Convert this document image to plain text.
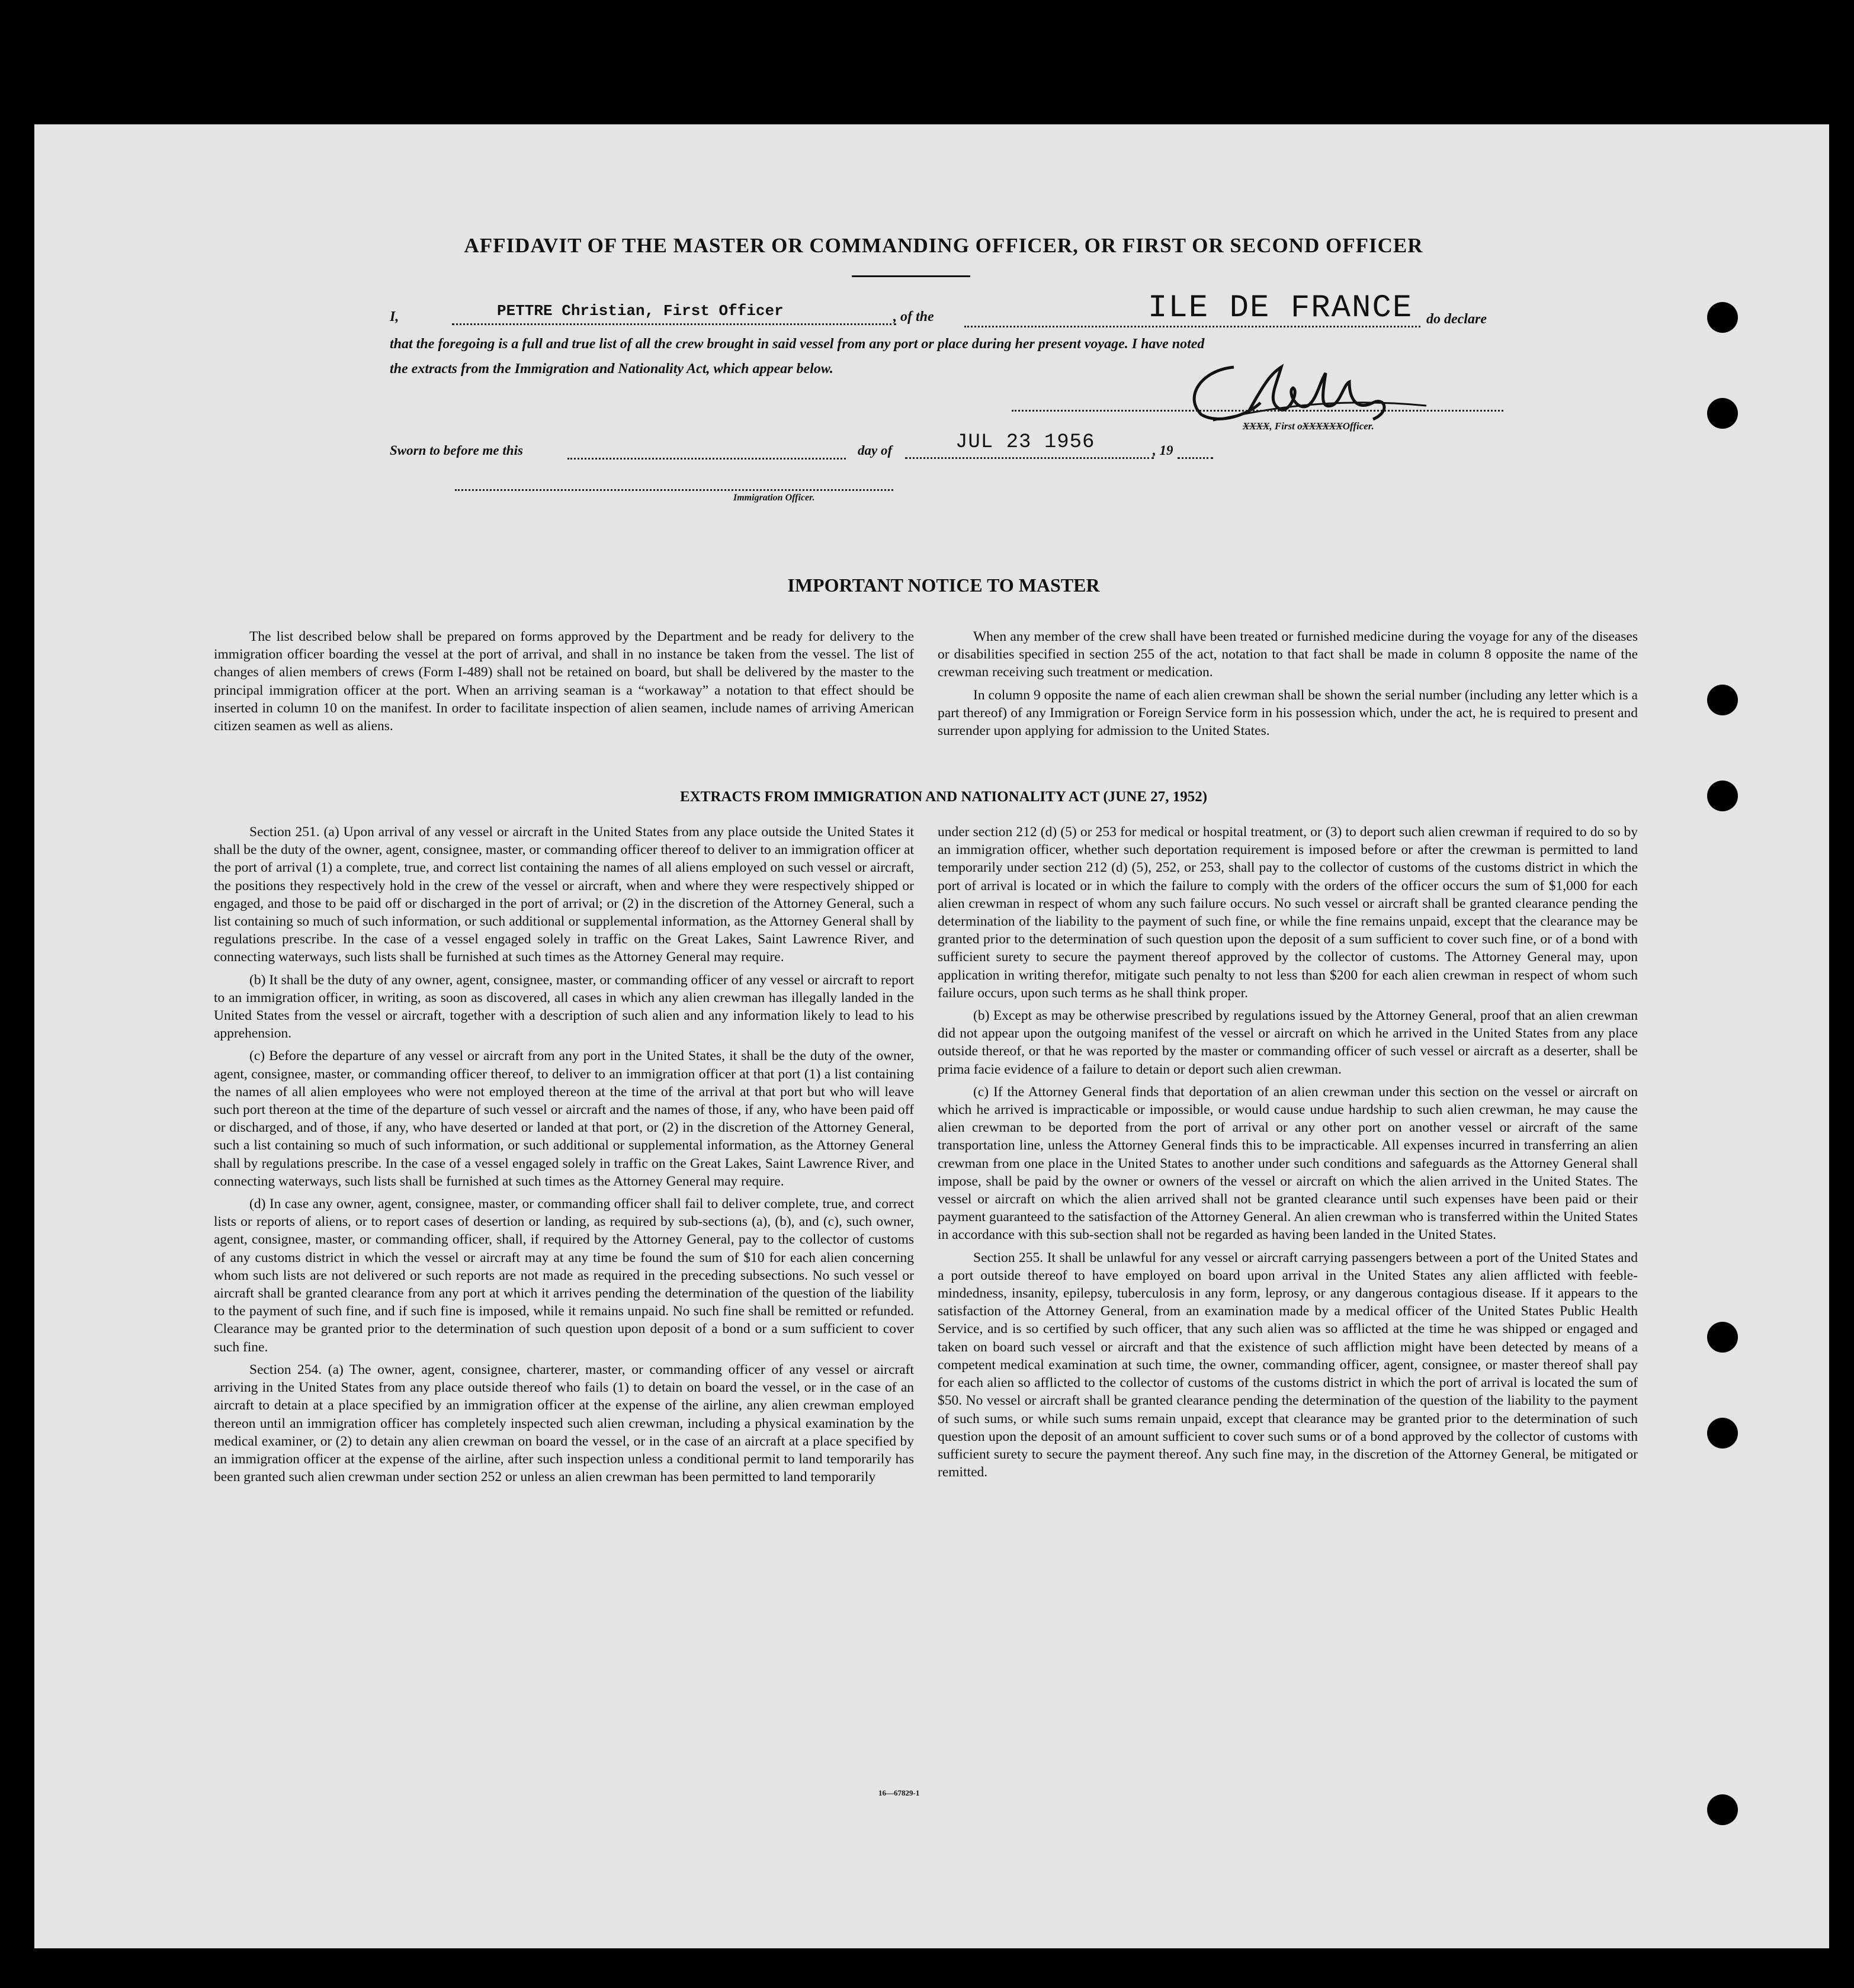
AFFIDAVIT OF THE MASTER OR COMMANDING OFFICER, OR FIRST OR SECOND OFFICER
I,	PETTRE Christian, First Officer	, of the	ILE DE FRANCE do declare
that the foregoing is a full and true list of all the crew brought in said vessel from any port or place during her present voyage. I have noted
the extracts from the Immigration and Nationality Act, which appear below.
XXXX, First oXXXXXXOfficer.
Sworn to before me this	day of	JUL 23 1956	, 19
Immigration Officer.
IMPORTANT NOTICE TO MASTER

The list described below shall be prepared on forms approved by the Department and be ready for delivery to the immigration officer boarding the vessel at the port of arrival, and shall in no instance be taken from the vessel. The list of changes of alien members of crews (Form I-489) shall not be retained on board, but shall be delivered by the master to the principal immigration officer at the port. When an arriving seaman is a “workaway” a notation to that effect should be inserted in column 10 on the manifest. In order to facilitate inspection of alien seamen, include names of arriving American citizen seamen as well as aliens.

When any member of the crew shall have been treated or furnished medicine during the voyage for any of the diseases or disabilities specified in section 255 of the act, notation to that fact shall be made in column 8 opposite the name of the crewman receiving such treatment or medication.

In column 9 opposite the name of each alien crewman shall be shown the serial number (including any letter which is a part thereof) of any Immigration or Foreign Service form in his possession which, under the act, he is required to present and surrender upon applying for admission to the United States.

EXTRACTS FROM IMMIGRATION AND NATIONALITY ACT (JUNE 27, 1952)

Section 251. (a) Upon arrival of any vessel or aircraft in the United States from any place outside the United States it shall be the duty of the owner, agent, consignee, master, or commanding officer thereof to deliver to an immigration officer at the port of arrival (1) a complete, true, and correct list containing the names of all aliens employed on such vessel or aircraft, the positions they respectively hold in the crew of the vessel or aircraft, when and where they were respectively shipped or engaged, and those to be paid off or discharged in the port of arrival; or (2) in the discretion of the Attorney General, such a list containing so much of such information, or such additional or supplemental information, as the Attorney General shall by regulations prescribe. In the case of a vessel engaged solely in traffic on the Great Lakes, Saint Lawrence River, and connecting waterways, such lists shall be furnished at such times as the Attorney General may require.

(b) It shall be the duty of any owner, agent, consignee, master, or commanding officer of any vessel or aircraft to report to an immigration officer, in writing, as soon as discovered, all cases in which any alien crewman has illegally landed in the United States from the vessel or aircraft, together with a description of such alien and any information likely to lead to his apprehension.

(c) Before the departure of any vessel or aircraft from any port in the United States, it shall be the duty of the owner, agent, consignee, master, or commanding officer thereof, to deliver to an immigration officer at that port (1) a list containing the names of all alien employees who were not employed thereon at the time of the arrival at that port but who will leave such port thereon at the time of the departure of such vessel or aircraft and the names of those, if any, who have been paid off or discharged, and of those, if any, who have deserted or landed at that port, or (2) in the discretion of the Attorney General, such a list containing so much of such information, or such additional or supplemental information, as the Attorney General shall by regulations prescribe. In the case of a vessel engaged solely in traffic on the Great Lakes, Saint Lawrence River, and connecting waterways, such lists shall be furnished at such times as the Attorney General may require.

(d) In case any owner, agent, consignee, master, or commanding officer shall fail to deliver complete, true, and correct lists or reports of aliens, or to report cases of desertion or landing, as required by sub-sections (a), (b), and (c), such owner, agent, consignee, master, or commanding officer, shall, if required by the Attorney General, pay to the collector of customs of any customs district in which the vessel or aircraft may at any time be found the sum of $10 for each alien concerning whom such lists are not delivered or such reports are not made as required in the preceding subsections. No such vessel or aircraft shall be granted clearance from any port at which it arrives pending the determination of the question of the liability to the payment of such fine, and if such fine is imposed, while it remains unpaid. No such fine shall be remitted or refunded. Clearance may be granted prior to the determination of such question upon deposit of a bond or a sum sufficient to cover such fine.

Section 254. (a) The owner, agent, consignee, charterer, master, or commanding officer of any vessel or aircraft arriving in the United States from any place outside thereof who fails (1) to detain on board the vessel, or in the case of an aircraft to detain at a place specified by an immigration officer at the expense of the airline, any alien crewman employed thereon until an immigration officer has completely inspected such alien crewman, including a physical examination by the medical examiner, or (2) to detain any alien crewman on board the vessel, or in the case of an aircraft at a place specified by an immigration officer at the expense of the airline, after such inspection unless a conditional permit to land temporarily has been granted such alien crewman under section 252 or unless an alien crewman has been permitted to land temporarily

under section 212 (d) (5) or 253 for medical or hospital treatment, or (3) to deport such alien crewman if required to do so by an immigration officer, whether such deportation requirement is imposed before or after the crewman is permitted to land temporarily under section 212 (d) (5), 252, or 253, shall pay to the collector of customs of the customs district in which the port of arrival is located or in which the failure to comply with the orders of the officer occurs the sum of $1,000 for each alien crewman in respect of whom any such failure occurs. No such vessel or aircraft shall be granted clearance pending the determination of the liability to the payment of such fine, or while the fine remains unpaid, except that the clearance may be granted prior to the determination of such question upon the deposit of a sum sufficient to cover such fine, or of a bond with sufficient surety to secure the payment thereof approved by the collector of customs. The Attorney General may, upon application in writing therefor, mitigate such penalty to not less than $200 for each alien crewman in respect of whom such failure occurs, upon such terms as he shall think proper.

(b) Except as may be otherwise prescribed by regulations issued by the Attorney General, proof that an alien crewman did not appear upon the outgoing manifest of the vessel or aircraft on which he arrived in the United States from any place outside thereof, or that he was reported by the master or commanding officer of such vessel or aircraft as a deserter, shall be prima facie evidence of a failure to detain or deport such alien crewman.

(c) If the Attorney General finds that deportation of an alien crewman under this section on the vessel or aircraft on which he arrived is impracticable or impossible, or would cause undue hardship to such alien crewman, he may cause the alien crewman to be deported from the port of arrival or any other port on another vessel or aircraft of the same transportation line, unless the Attorney General finds this to be impracticable. All expenses incurred in transferring an alien crewman from one place in the United States to another under such conditions and safeguards as the Attorney General shall impose, shall be paid by the owner or owners of the vessel or aircraft on which the alien arrived in the United States. The vessel or aircraft on which the alien arrived shall not be granted clearance until such expenses have been paid or their payment guaranteed to the satisfaction of the Attorney General. An alien crewman who is transferred within the United States in accordance with this sub-section shall not be regarded as having been landed in the United States.

Section 255. It shall be unlawful for any vessel or aircraft carrying passengers between a port of the United States and a port outside thereof to have employed on board upon arrival in the United States any alien afflicted with feeble-mindedness, insanity, epilepsy, tuberculosis in any form, leprosy, or any dangerous contagious disease. If it appears to the satisfaction of the Attorney General, from an examination made by a medical officer of the United States Public Health Service, and is so certified by such officer, that any such alien was so afflicted at the time he was shipped or engaged and taken on board such vessel or aircraft and that the existence of such affliction might have been detected by means of a competent medical examination at such time, the owner, commanding officer, agent, consignee, or master thereof shall pay for each alien so afflicted to the collector of customs of the customs district in which the port of arrival is located the sum of $50. No vessel or aircraft shall be granted clearance pending the determination of the question of the liability to the payment of such sums, or while such sums remain unpaid, except that clearance may be granted prior to the determination of such question upon the deposit of an amount sufficient to cover such sums or of a bond approved by the collector of customs with sufficient surety to secure the payment thereof. Any such fine may, in the discretion of the Attorney General, be mitigated or remitted.

16—67829-1
